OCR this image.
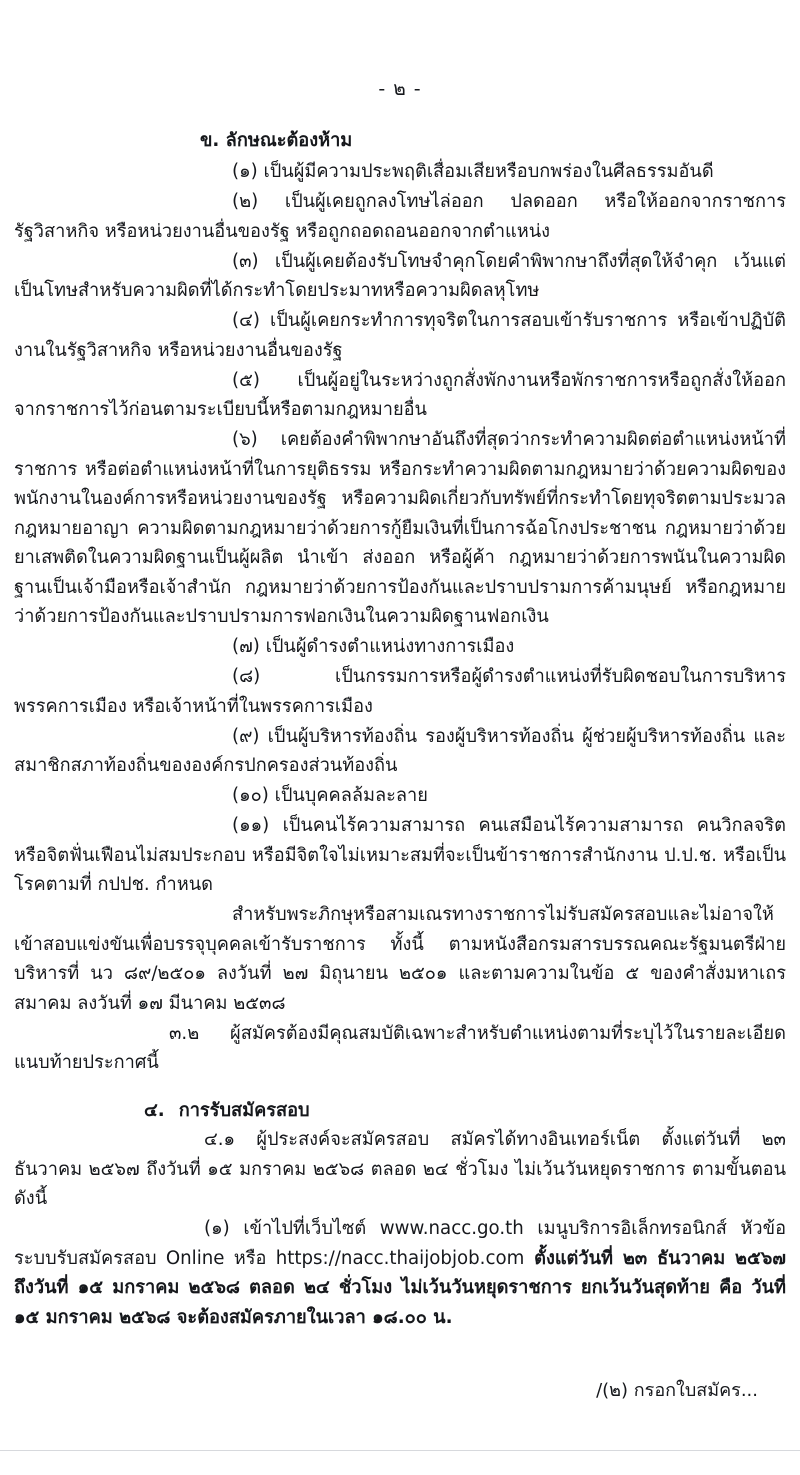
- ๒ -
ข. ลักษณะต้องห้าม
(๑) เป็นผู้มีความประพฤติเสื่อมเสียหรือบกพร่องในศีลธรรมอันดี
(๒) เป็นผู้เคยถูกลงโทษไล่ออก ปลดออก หรือให้ออกจากราชการ รัฐวิสาหกิจ หรือหน่วยงานอื่นของรัฐ หรือถูกถอดถอนออกจากตำแหน่ง
(๓) เป็นผู้เคยต้องรับโทษจำคุกโดยคำพิพากษาถึงที่สุดให้จำคุก เว้นแต่เป็นโทษสำหรับความผิดที่ได้กระทำโดยประมาทหรือความผิดลหุโทษ
(๔) เป็นผู้เคยกระทำการทุจริตในการสอบเข้ารับราชการ หรือเข้าปฏิบัติงานในรัฐวิสาหกิจ หรือหน่วยงานอื่นของรัฐ
(๕) เป็นผู้อยู่ในระหว่างถูกสั่งพักงานหรือพักราชการหรือถูกสั่งให้ออกจากราชการไว้ก่อนตามระเบียบนี้หรือตามกฎหมายอื่น
(๖) เคยต้องคำพิพากษาอันถึงที่สุดว่ากระทำความผิดต่อตำแหน่งหน้าที่ราชการ หรือต่อตำแหน่งหน้าที่ในการยุติธรรม หรือกระทำความผิดตามกฎหมายว่าด้วยความผิดของพนักงานในองค์การหรือหน่วยงานของรัฐ หรือความผิดเกี่ยวกับทรัพย์ที่กระทำโดยทุจริตตามประมวลกฎหมายอาญา ความผิดตามกฎหมายว่าด้วยการกู้ยืมเงินที่เป็นการฉ้อโกงประชาชน กฎหมายว่าด้วยยาเสพติดในความผิดฐานเป็นผู้ผลิต นำเข้า ส่งออก หรือผู้ค้า กฎหมายว่าด้วยการพนันในความผิดฐานเป็นเจ้ามือหรือเจ้าสำนัก กฎหมายว่าด้วยการป้องกันและปราบปรามการค้ามนุษย์ หรือกฎหมายว่าด้วยการป้องกันและปราบปรามการฟอกเงินในความผิดฐานฟอกเงิน
(๗) เป็นผู้ดำรงตำแหน่งทางการเมือง
(๘) เป็นกรรมการหรือผู้ดำรงตำแหน่งที่รับผิดชอบในการบริหารพรรคการเมือง หรือเจ้าหน้าที่ในพรรคการเมือง
(๙) เป็นผู้บริหารท้องถิ่น รองผู้บริหารท้องถิ่น ผู้ช่วยผู้บริหารท้องถิ่น และสมาชิกสภาท้องถิ่นขององค์กรปกครองส่วนท้องถิ่น
(๑๐) เป็นบุคคลล้มละลาย
(๑๑) เป็นคนไร้ความสามารถ คนเสมือนไร้ความสามารถ คนวิกลจริต หรือจิตฟั่นเฟือนไม่สมประกอบ หรือมีจิตใจไม่เหมาะสมที่จะเป็นข้าราชการสำนักงาน ป.ป.ช. หรือเป็นโรคตามที่ กปปช. กำหนด
สำหรับพระภิกษุหรือสามเณรทางราชการไม่รับสมัครสอบและไม่อาจให้เข้าสอบแข่งขันเพื่อบรรจุบุคคลเข้ารับราชการ ทั้งนี้ ตามหนังสือกรมสารบรรณคณะรัฐมนตรีฝ่ายบริหารที่ นว ๘๙/๒๕๐๑ ลงวันที่ ๒๗ มิถุนายน ๒๕๐๑ และตามความในข้อ ๕ ของคำสั่งมหาเถรสมาคม ลงวันที่ ๑๗ มีนาคม ๒๕๓๘
๓.๒ ผู้สมัครต้องมีคุณสมบัติเฉพาะสำหรับตำแหน่งตามที่ระบุไว้ในรายละเอียดแนบท้ายประกาศนี้
๔. การรับสมัครสอบ
๔.๑ ผู้ประสงค์จะสมัครสอบ สมัครได้ทางอินเทอร์เน็ต ตั้งแต่วันที่ ๒๓ ธันวาคม ๒๕๖๗ ถึงวันที่ ๑๕ มกราคม ๒๕๖๘ ตลอด ๒๔ ชั่วโมง ไม่เว้นวันหยุดราชการ ตามขั้นตอนดังนี้
(๑) เข้าไปที่เว็บไซต์ www.nacc.go.th เมนูบริการอิเล็กทรอนิกส์ หัวข้อระบบรับสมัครสอบ Online หรือ https://nacc.thaijobjob.com ตั้งแต่วันที่ ๒๓ ธันวาคม ๒๕๖๗ ถึงวันที่ ๑๕ มกราคม ๒๕๖๘ ตลอด ๒๔ ชั่วโมง ไม่เว้นวันหยุดราชการ ยกเว้นวันสุดท้าย คือ วันที่ ๑๕ มกราคม ๒๕๖๘ จะต้องสมัครภายในเวลา ๑๘.๐๐ น.
/(๒) กรอกใบสมัคร...
